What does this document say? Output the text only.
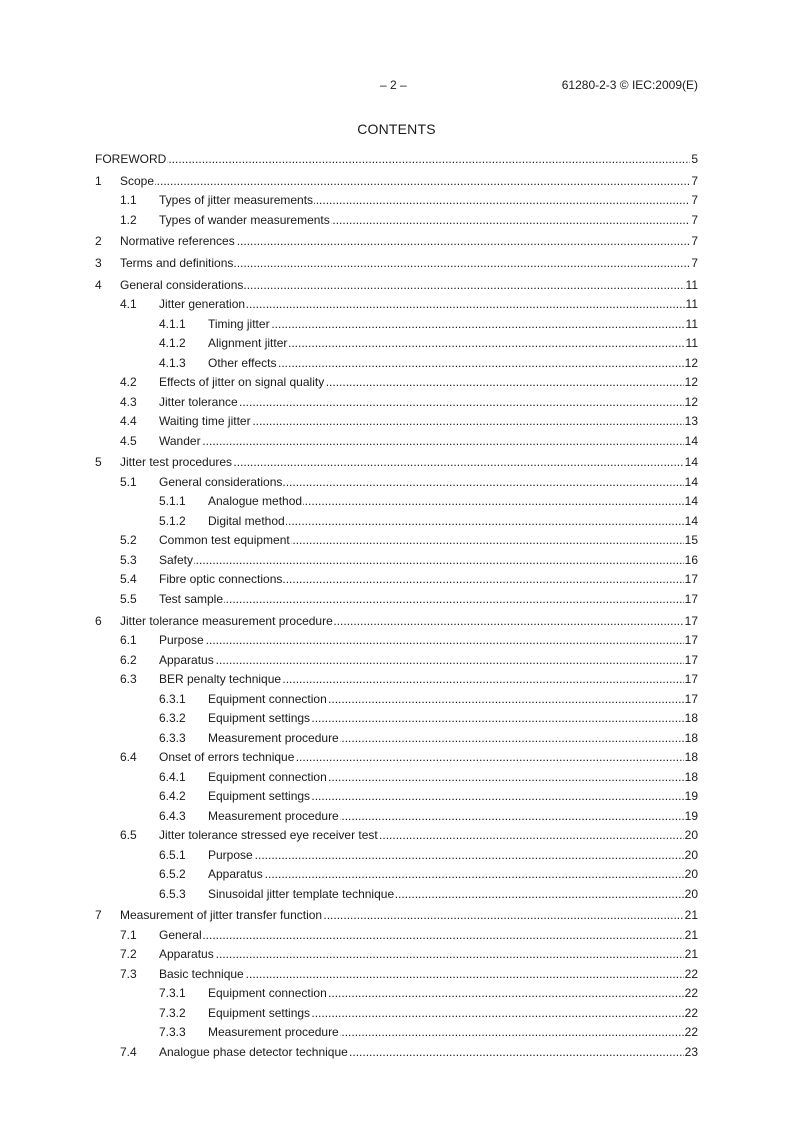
– 2 –	61280-2-3 © IEC:2009(E)
CONTENTS
FOREWORD	5
.....
1 Scope	7
.....
1.1 Types of jitter measurements	7
.....
1.2 Types of wander measurements	7
.....
2 Normative references	7
.....
3 Terms and definitions	7
.....
4 General considerations	11
.....
4.1 Jitter generation	11
.....
4.1.1 Timing jitter	11
.....
4.1.2 Alignment jitter	11
.....
4.1.3 Other effects	12
.....
4.2 Effects of jitter on signal quality	12
.....
4.3 Jitter tolerance	12
.....
4.4 Waiting time jitter	13
.....
4.5 Wander	14
.....
5 Jitter test procedures	14
.....
5.1 General considerations	14
.....
5.1.1 Analogue method	14
.....
5.1.2 Digital method	14
.....
5.2 Common test equipment	15
.....
5.3 Safety	16
.....
5.4 Fibre optic connections	17
.....
5.5 Test sample	17
.....
6 Jitter tolerance measurement procedure	17
.....
6.1 Purpose	17
.....
6.2 Apparatus	17
.....
6.3 BER penalty technique	17
.....
6.3.1 Equipment connection	17
.....
6.3.2 Equipment settings	18
.....
6.3.3 Measurement procedure	18
.....
6.4 Onset of errors technique	18
.....
6.4.1 Equipment connection	18
.....
6.4.2 Equipment settings	19
.....
6.4.3 Measurement procedure	19
.....
6.5 Jitter tolerance stressed eye receiver test	20
.....
6.5.1 Purpose	20
.....
6.5.2 Apparatus	20
.....
6.5.3 Sinusoidal jitter template technique	20
.....
7 Measurement of jitter transfer function	21
.....
7.1 General	21
.....
7.2 Apparatus	21
.....
7.3 Basic technique	22
.....
7.3.1 Equipment connection	22
.....
7.3.2 Equipment settings	22
.....
7.3.3 Measurement procedure	22
.....
7.4 Analogue phase detector technique	23
.....
